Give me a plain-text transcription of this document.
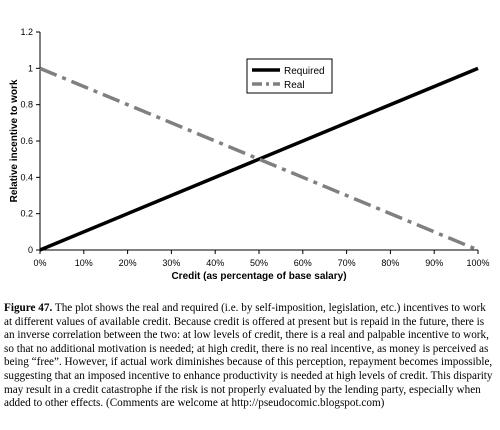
0
0.2
0.4
0.6
0.8
1
1.2
0%	10%	20%	30%	40%	50%	60%	70%	80%	90%	100%
Relative incentive to work
Credit (as percentage of base salary)
Required
Real
Figure 47. The plot shows the real and required (i.e. by self-imposition, legislation, etc.) incentives to work at different values of available credit. Because credit is offered at present but is repaid in the future, there is an inverse correlation between the two: at low levels of credit, there is a real and palpable incentive to work, so that no additional motivation is needed; at high credit, there is no real incentive, as money is perceived as being “free”. However, if actual work diminishes because of this perception, repayment becomes impossible, suggesting that an imposed incentive to enhance productivity is needed at high levels of credit. This disparity may result in a credit catastrophe if the risk is not properly evaluated by the lending party, especially when added to other effects. (Comments are welcome at http://pseudocomic.blogspot.com)
